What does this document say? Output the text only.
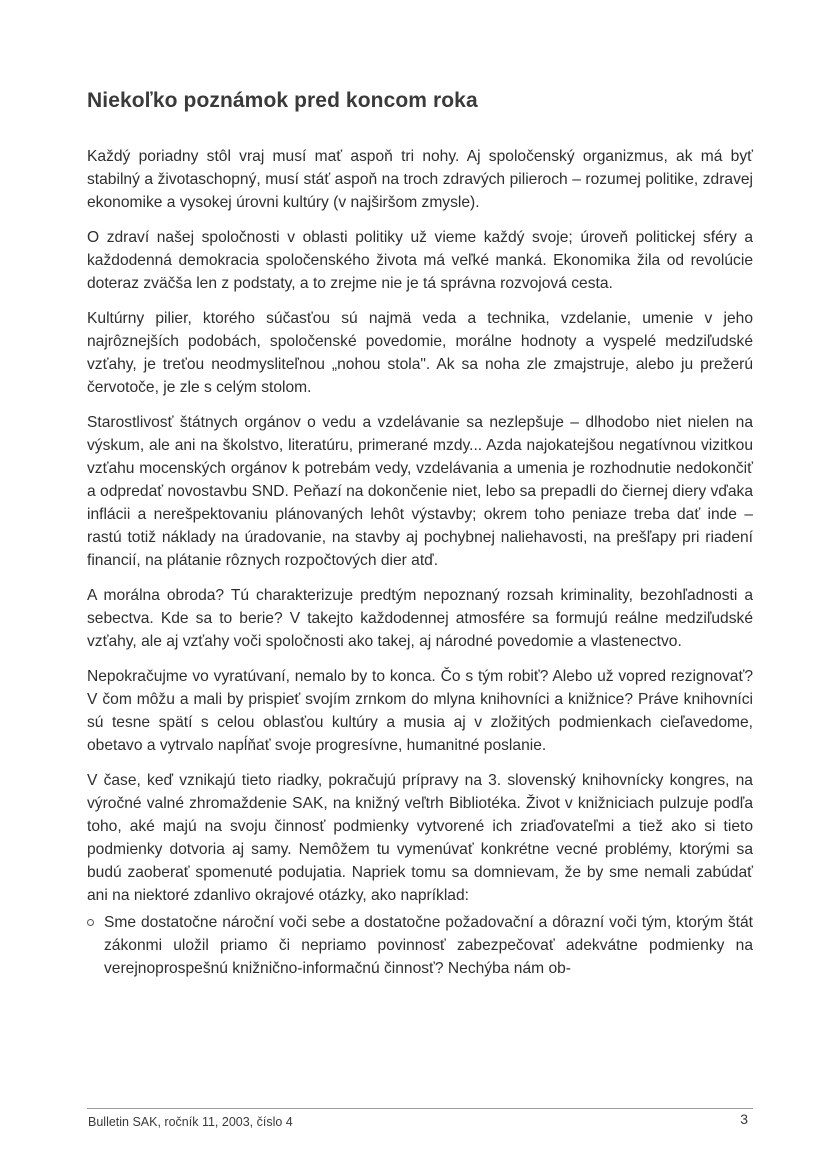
Niekoľko poznámok pred koncom roka

Každý poriadny stôl vraj musí mať aspoň tri nohy. Aj spoločenský organizmus, ak má byť stabilný a životaschopný, musí stáť aspoň na troch zdravých pilieroch – rozumej politike, zdravej ekonomike a vysokej úrovni kultúry (v najširšom zmysle).

O zdraví našej spoločnosti v oblasti politiky už vieme každý svoje; úroveň politickej sféry a každodenná demokracia spoločenského života má veľké manká. Ekonomika žila od revolúcie doteraz zväčša len z podstaty, a to zrejme nie je tá správna rozvojová cesta.

Kultúrny pilier, ktorého súčasťou sú najmä veda a technika, vzdelanie, umenie v jeho najrôznejších podobách, spoločenské povedomie, morálne hodnoty a vyspelé medziľudské vzťahy, je treťou neodmysliteľnou „nohou stola". Ak sa noha zle zmajstruje, alebo ju prežerú červotoče, je zle s celým stolom.

Starostlivosť štátnych orgánov o vedu a vzdelávanie sa nezlepšuje – dlhodobo niet nielen na výskum, ale ani na školstvo, literatúru, primerané mzdy... Azda najokatejšou negatívnou vizitkou vzťahu mocenských orgánov k potrebám vedy, vzdelávania a umenia je rozhodnutie nedokončiť a odpredať novostavbu SND. Peňazí na dokončenie niet, lebo sa prepadli do čiernej diery vďaka inflácii a nerešpektovaniu plánovaných lehôt výstavby; okrem toho peniaze treba dať inde – rastú totiž náklady na úradovanie, na stavby aj pochybnej naliehavosti, na prešľapy pri riadení financií, na plátanie rôznych rozpočtových dier atď.

A morálna obroda? Tú charakterizuje predtým nepoznaný rozsah kriminality, bezohľadnosti a sebectva. Kde sa to berie? V takejto každodennej atmosfére sa formujú reálne medziľudské vzťahy, ale aj vzťahy voči spoločnosti ako takej, aj národné povedomie a vlastenectvo.

Nepokračujme vo vyratúvaní, nemalo by to konca. Čo s tým robiť? Alebo už vopred rezignovať? V čom môžu a mali by prispieť svojím zrnkom do mlyna knihovníci a knižnice? Práve knihovníci sú tesne spätí s celou oblasťou kultúry a musia aj v zložitých podmienkach cieľavedome, obetavo a vytrvalo napĺňať svoje progresívne, humanitné poslanie.

V čase, keď vznikajú tieto riadky, pokračujú prípravy na 3. slovenský knihovnícky kongres, na výročné valné zhromaždenie SAK, na knižný veľtrh Bibliotéka. Život v knižniciach pulzuje podľa toho, aké majú na svoju činnosť podmienky vytvorené ich zriaďovateľmi a tiež ako si tieto podmienky dotvoria aj samy. Nemôžem tu vymenúvať konkrétne vecné problémy, ktorými sa budú zaoberať spomenuté podujatia. Napriek tomu sa domnievam, že by sme nemali zabúdať ani na niektoré zdanlivo okrajové otázky, ako napríklad:

Sme dostatočne nároční voči sebe a dostatočne požadovační a dôrazní voči tým, ktorým štát zákonmi uložil priamo či nepriamo povinnosť zabezpečovať adekvátne podmienky na verejnoprospešnú knižnično-informačnú činnosť? Nechýba nám ob-
Bulletin SAK, ročník 11, 2003, číslo 4	3
